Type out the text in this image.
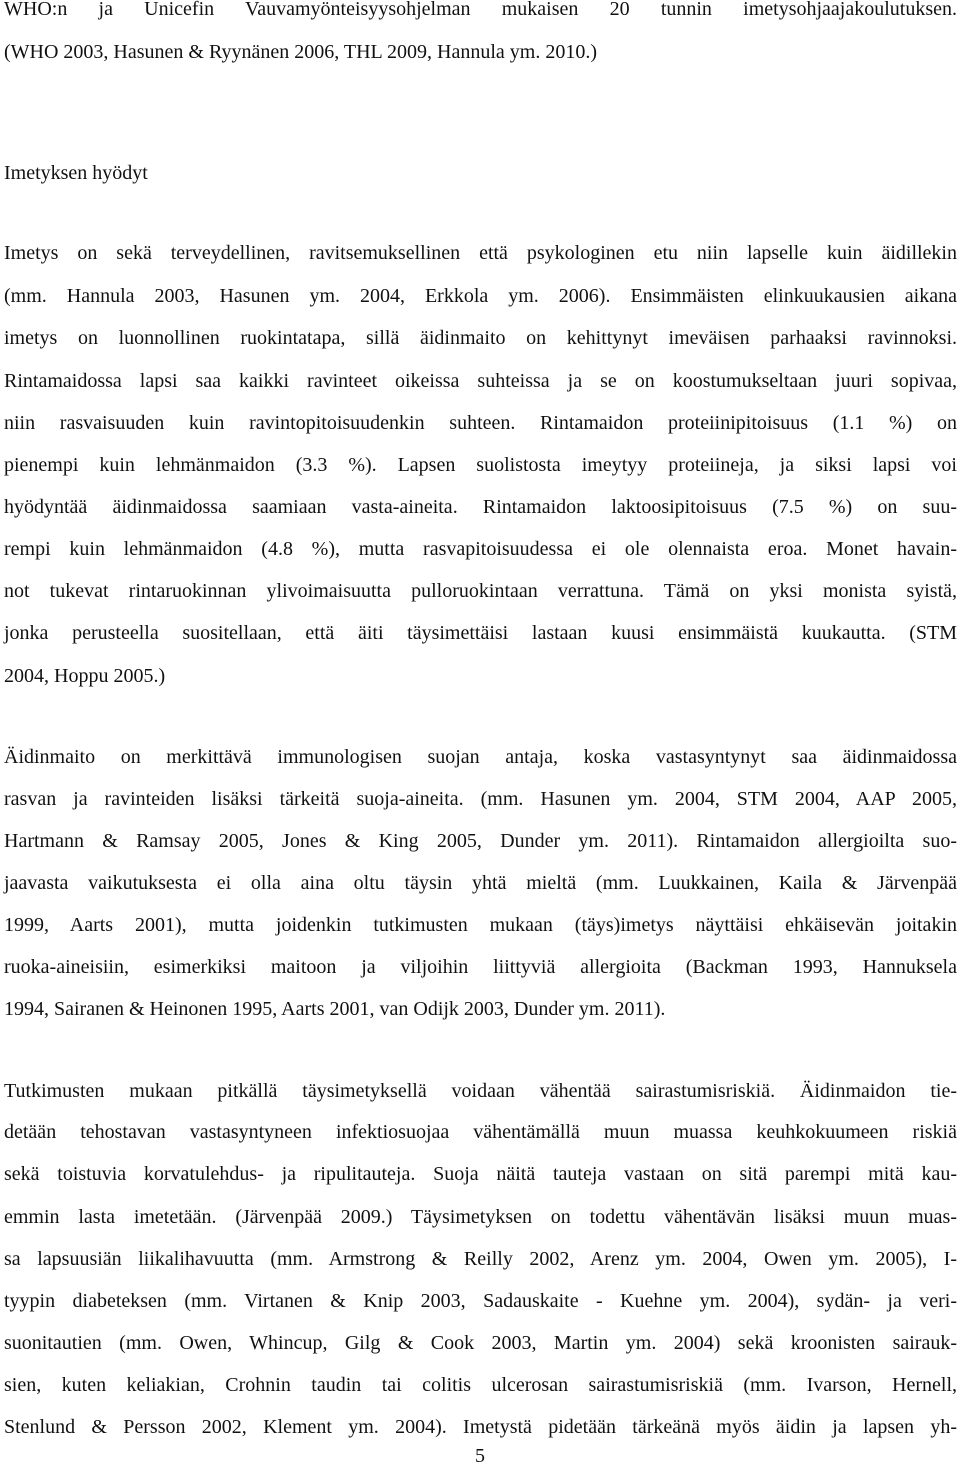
WHO:n ja Unicefin Vauvamyönteisyysohjelman mukaisen 20 tunnin imetysohjaajakoulutuksen.
(WHO 2003, Hasunen & Ryynänen 2006, THL 2009, Hannula ym. 2010.)
Imetyksen hyödyt
Imetys on sekä terveydellinen, ravitsemuksellinen että psykologinen etu niin lapselle kuin äidillekin
(mm. Hannula 2003, Hasunen ym. 2004, Erkkola ym. 2006). Ensimmäisten elinkuukausien aikana
imetys on luonnollinen ruokintatapa, sillä äidinmaito on kehittynyt imeväisen parhaaksi ravinnoksi.
Rintamaidossa lapsi saa kaikki ravinteet oikeissa suhteissa ja se on koostumukseltaan juuri sopivaa,
niin rasvaisuuden kuin ravintopitoisuudenkin suhteen. Rintamaidon proteiinipitoisuus (1.1 %) on
pienempi kuin lehmänmaidon (3.3 %). Lapsen suolistosta imeytyy proteiineja, ja siksi lapsi voi
hyödyntää äidinmaidossa saamiaan vasta-aineita. Rintamaidon laktoosipitoisuus (7.5 %) on suu-
rempi kuin lehmänmaidon (4.8 %), mutta rasvapitoisuudessa ei ole olennaista eroa. Monet havain-
not tukevat rintaruokinnan ylivoimaisuutta pulloruokintaan verrattuna. Tämä on yksi monista syistä,
jonka perusteella suositellaan, että äiti täysimettäisi lastaan kuusi ensimmäistä kuukautta. (STM
2004, Hoppu 2005.)
Äidinmaito on merkittävä immunologisen suojan antaja, koska vastasyntynyt saa äidinmaidossa
rasvan ja ravinteiden lisäksi tärkeitä suoja-aineita. (mm. Hasunen ym. 2004, STM 2004, AAP 2005,
Hartmann & Ramsay 2005, Jones & King 2005, Dunder ym. 2011). Rintamaidon allergioilta suo-
jaavasta vaikutuksesta ei olla aina oltu täysin yhtä mieltä (mm. Luukkainen, Kaila & Järvenpää
1999, Aarts 2001), mutta joidenkin tutkimusten mukaan (täys)imetys näyttäisi ehkäisevän joitakin
ruoka-aineisiin, esimerkiksi maitoon ja viljoihin liittyviä allergioita (Backman 1993, Hannuksela
1994, Sairanen & Heinonen 1995, Aarts 2001, van Odijk 2003, Dunder ym. 2011).
Tutkimusten mukaan pitkällä täysimetyksellä voidaan vähentää sairastumisriskiä. Äidinmaidon tie-
detään tehostavan vastasyntyneen infektiosuojaa vähentämällä muun muassa keuhkokuumeen riskiä
sekä toistuvia korvatulehdus- ja ripulitauteja. Suoja näitä tauteja vastaan on sitä parempi mitä kau-
emmin lasta imetetään. (Järvenpää 2009.) Täysimetyksen on todettu vähentävän lisäksi muun muas-
sa lapsuusiän liikalihavuutta (mm. Armstrong & Reilly 2002, Arenz ym. 2004, Owen ym. 2005), I-
tyypin diabeteksen (mm. Virtanen & Knip 2003, Sadauskaite - Kuehne ym. 2004), sydän- ja veri-
suonitautien (mm. Owen, Whincup, Gilg & Cook 2003, Martin ym. 2004) sekä kroonisten sairauk-
sien, kuten keliakian, Crohnin taudin tai colitis ulcerosan sairastumisriskiä (mm. Ivarson, Hernell,
Stenlund & Persson 2002, Klement ym. 2004). Imetystä pidetään tärkeänä myös äidin ja lapsen yh-
5
